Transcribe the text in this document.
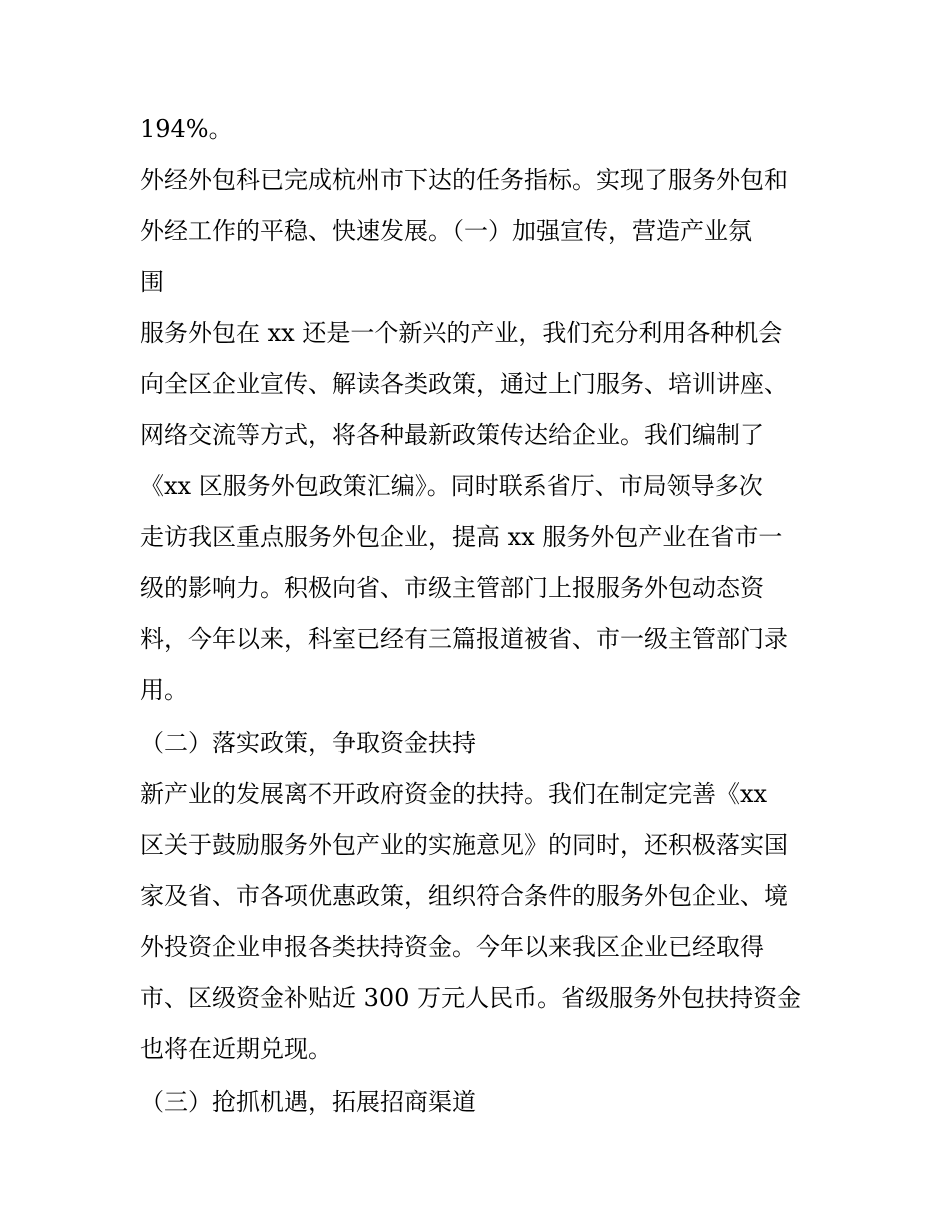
194%。

外经外包科已完成杭州市下达的任务指标。实现了服务外包和

外经工作的平稳、快速发展。（一）加强宣传，营造产业氛

围

服务外包在 xx 还是一个新兴的产业，我们充分利用各种机会

向全区企业宣传、解读各类政策，通过上门服务、培训讲座、

网络交流等方式，将各种最新政策传达给企业。我们编制了

《xx 区服务外包政策汇编》。同时联系省厅、市局领导多次

走访我区重点服务外包企业，提高 xx 服务外包产业在省市一

级的影响力。积极向省、市级主管部门上报服务外包动态资

料，今年以来，科室已经有三篇报道被省、市一级主管部门录

用。

（二）落实政策，争取资金扶持

新产业的发展离不开政府资金的扶持。我们在制定完善《xx

区关于鼓励服务外包产业的实施意见》的同时，还积极落实国

家及省、市各项优惠政策，组织符合条件的服务外包企业、境

外投资企业申报各类扶持资金。今年以来我区企业已经取得

市、区级资金补贴近 300 万元人民币。省级服务外包扶持资金

也将在近期兑现。

（三）抢抓机遇，拓展招商渠道
